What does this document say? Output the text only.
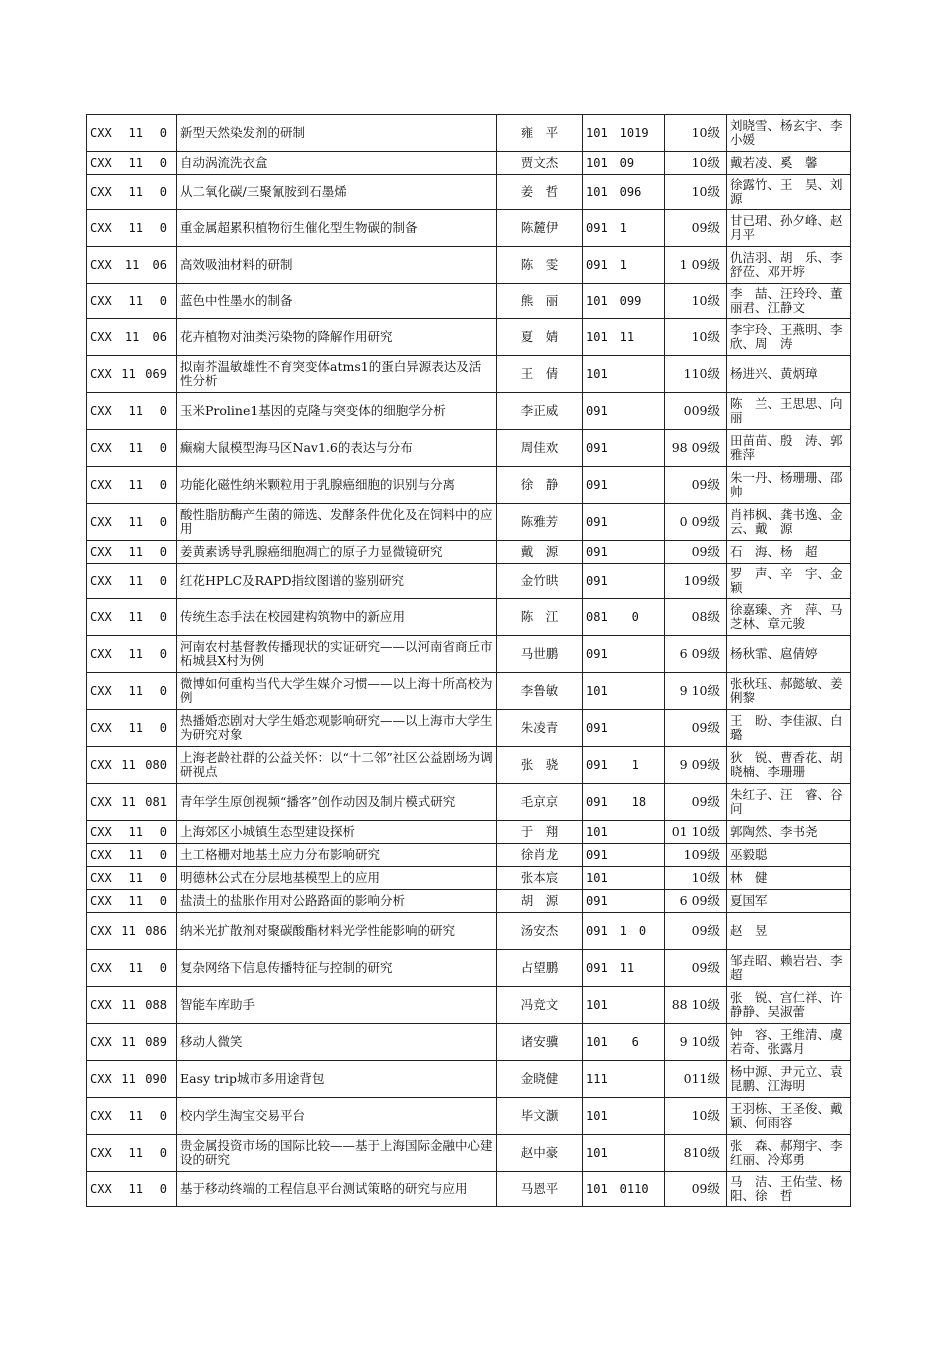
CXX 11 0	新型天然染发剂的研制	雍　平	101　1019	10级	刘晓雪、杨玄宇、李小媛

CXX 11 0	自动涡流洗衣盒	贾文杰	101　09	10级	戴若凌、奚　馨

CXX 11 0	从二氧化碳/三聚氰胺到石墨烯	姜　哲	101　096	10级	徐露竹、王　昊、刘　源

CXX 11 0	重金属超累积植物衍生催化型生物碳的制备	陈麓伊	091　1	09级	甘已珺、孙夕峰、赵月平

CXX 11 06	高效吸油材料的研制	陈　雯	091　1	1 09级	仇洁羽、胡　乐、李舒莅、邓开垿

CXX 11 0	蓝色中性墨水的制备	熊　丽	101　099	10级	李　喆、汪玲玲、董丽君、江静文

CXX 11 06	花卉植物对油类污染物的降解作用研究	夏　婧	101　11	10级	李宇玲、王燕明、李　欣、周　涛

CXX 11 069	拟南芥温敏雄性不育突变体atms1的蛋白异源表达及活性分析	王　倩	101	110级	杨进兴、黄炳璋

CXX 11 0	玉米Proline1基因的克隆与突变体的细胞学分析	李正威	091	009级	陈　兰、王思思、向　丽

CXX 11 0	癫痫大鼠模型海马区Nav1.6的表达与分布	周佳欢	091	98 09级	田苗苗、殷　涛、郭雅萍

CXX 11 0	功能化磁性纳米颗粒用于乳腺癌细胞的识别与分离	徐　静	091	09级	朱一丹、杨珊珊、邵　帅

CXX 11 0	酸性脂肪酶产生菌的筛选、发酵条件优化及在饲料中的应用	陈雅芳	091	0 09级	肖祎枫、龚书逸、金　云、戴　源

CXX 11 0	姜黄素诱导乳腺癌细胞凋亡的原子力显微镜研究	戴　源	091	09级	石　海、杨　超

CXX 11 0	红花HPLC及RAPD指纹图谱的鉴别研究	金竹晎	091	109级	罗　声、辛　宇、金　颖

CXX 11 0	传统生态手法在校园建构筑物中的新应用	陈　江	081　　0	08级	徐嘉臻、齐　萍、马芝林、章元骏

CXX 11 0	河南农村基督教传播现状的实证研究——以河南省商丘市柘城县X村为例	马世鹏	091	6 09级	杨秋霏、扈倩婷

CXX 11 0	微博如何重构当代大学生媒介习惯——以上海十所高校为例	李鲁敏	101	9 10级	张秋珏、郝懿敏、姜俐黎

CXX 11 0	热播婚恋剧对大学生婚恋观影响研究——以上海市大学生为研究对象	朱凌青	091	09级	王　盼、李佳淑、白　璐

CXX 11 080	上海老龄社群的公益关怀：以“十二邻”社区公益剧场为调研视点	张　骁	091　　1	9 09级	狄　锐、曹香花、胡晓楠、李珊珊

CXX 11 081	青年学生原创视频“播客”创作动因及制片模式研究	毛京京	091　　18	09级	朱红子、汪　睿、谷　问

CXX 11 0	上海郊区小城镇生态型建设探析	于　翔	101	01 10级	郭陶然、李书尧

CXX 11 0	土工格栅对地基土应力分布影响研究	徐肖龙	091	109级	巫毅聪

CXX 11 0	明德林公式在分层地基模型上的应用	张本宸	101	10级	林　健

CXX 11 0	盐渍土的盐胀作用对公路路面的影响分析	胡　源	091	6 09级	夏国军

CXX 11 086	纳米光扩散剂对聚碳酸酯材料光学性能影响的研究	汤安杰	091　1　0	09级	赵　昱

CXX 11 0	复杂网络下信息传播特征与控制的研究	占望鹏	091　11	09级	邹垚昭、赖岩岩、李　超

CXX 11 088	智能车库助手	冯竞文	101	88 10级	张　锐、宫仁祥、许静静、吴淑蕾

CXX 11 089	移动人微笑	诸安骥	101　　6	9 10级	钟　容、王维清、虞若奇、张露月

CXX 11 090	Easy trip城市多用途背包	金晓健	111	011级	杨中源、尹元立、袁昆鹏、江海明

CXX 11 0	校内学生淘宝交易平台	毕文灏	101	10级	王羽栋、王圣俊、戴　颖、何雨容

CXX 11 0	贵金属投资市场的国际比较——基于上海国际金融中心建设的研究	赵中豪	101	810级	张　森、郝翔宇、李红丽、冷郑勇

CXX 11 0	基于移动终端的工程信息平台测试策略的研究与应用	马恩平	101　0110	09级	马　洁、王佑莹、杨　阳、徐　哲
